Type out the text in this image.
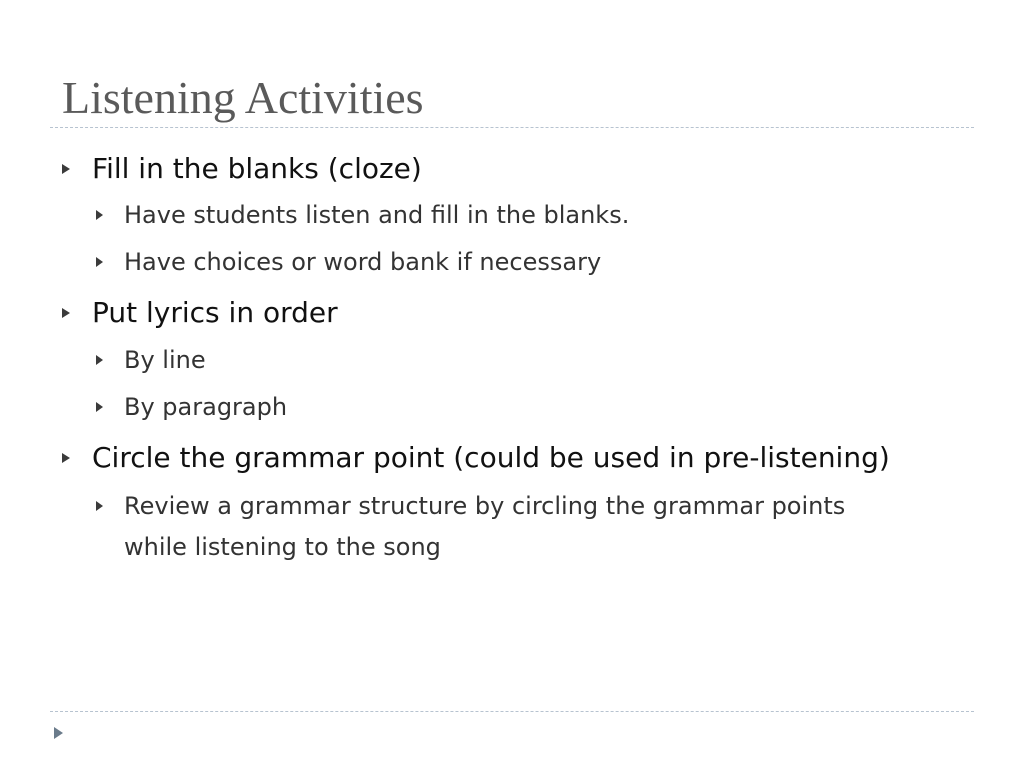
Listening Activities
Fill in the blanks (cloze)
Have students listen and fill in the blanks.
Have choices or word bank if necessary
Put lyrics in order
By line
By paragraph
Circle the grammar point (could be used in pre-listening)
Review a grammar structure by circling the grammar points
while listening to the song
